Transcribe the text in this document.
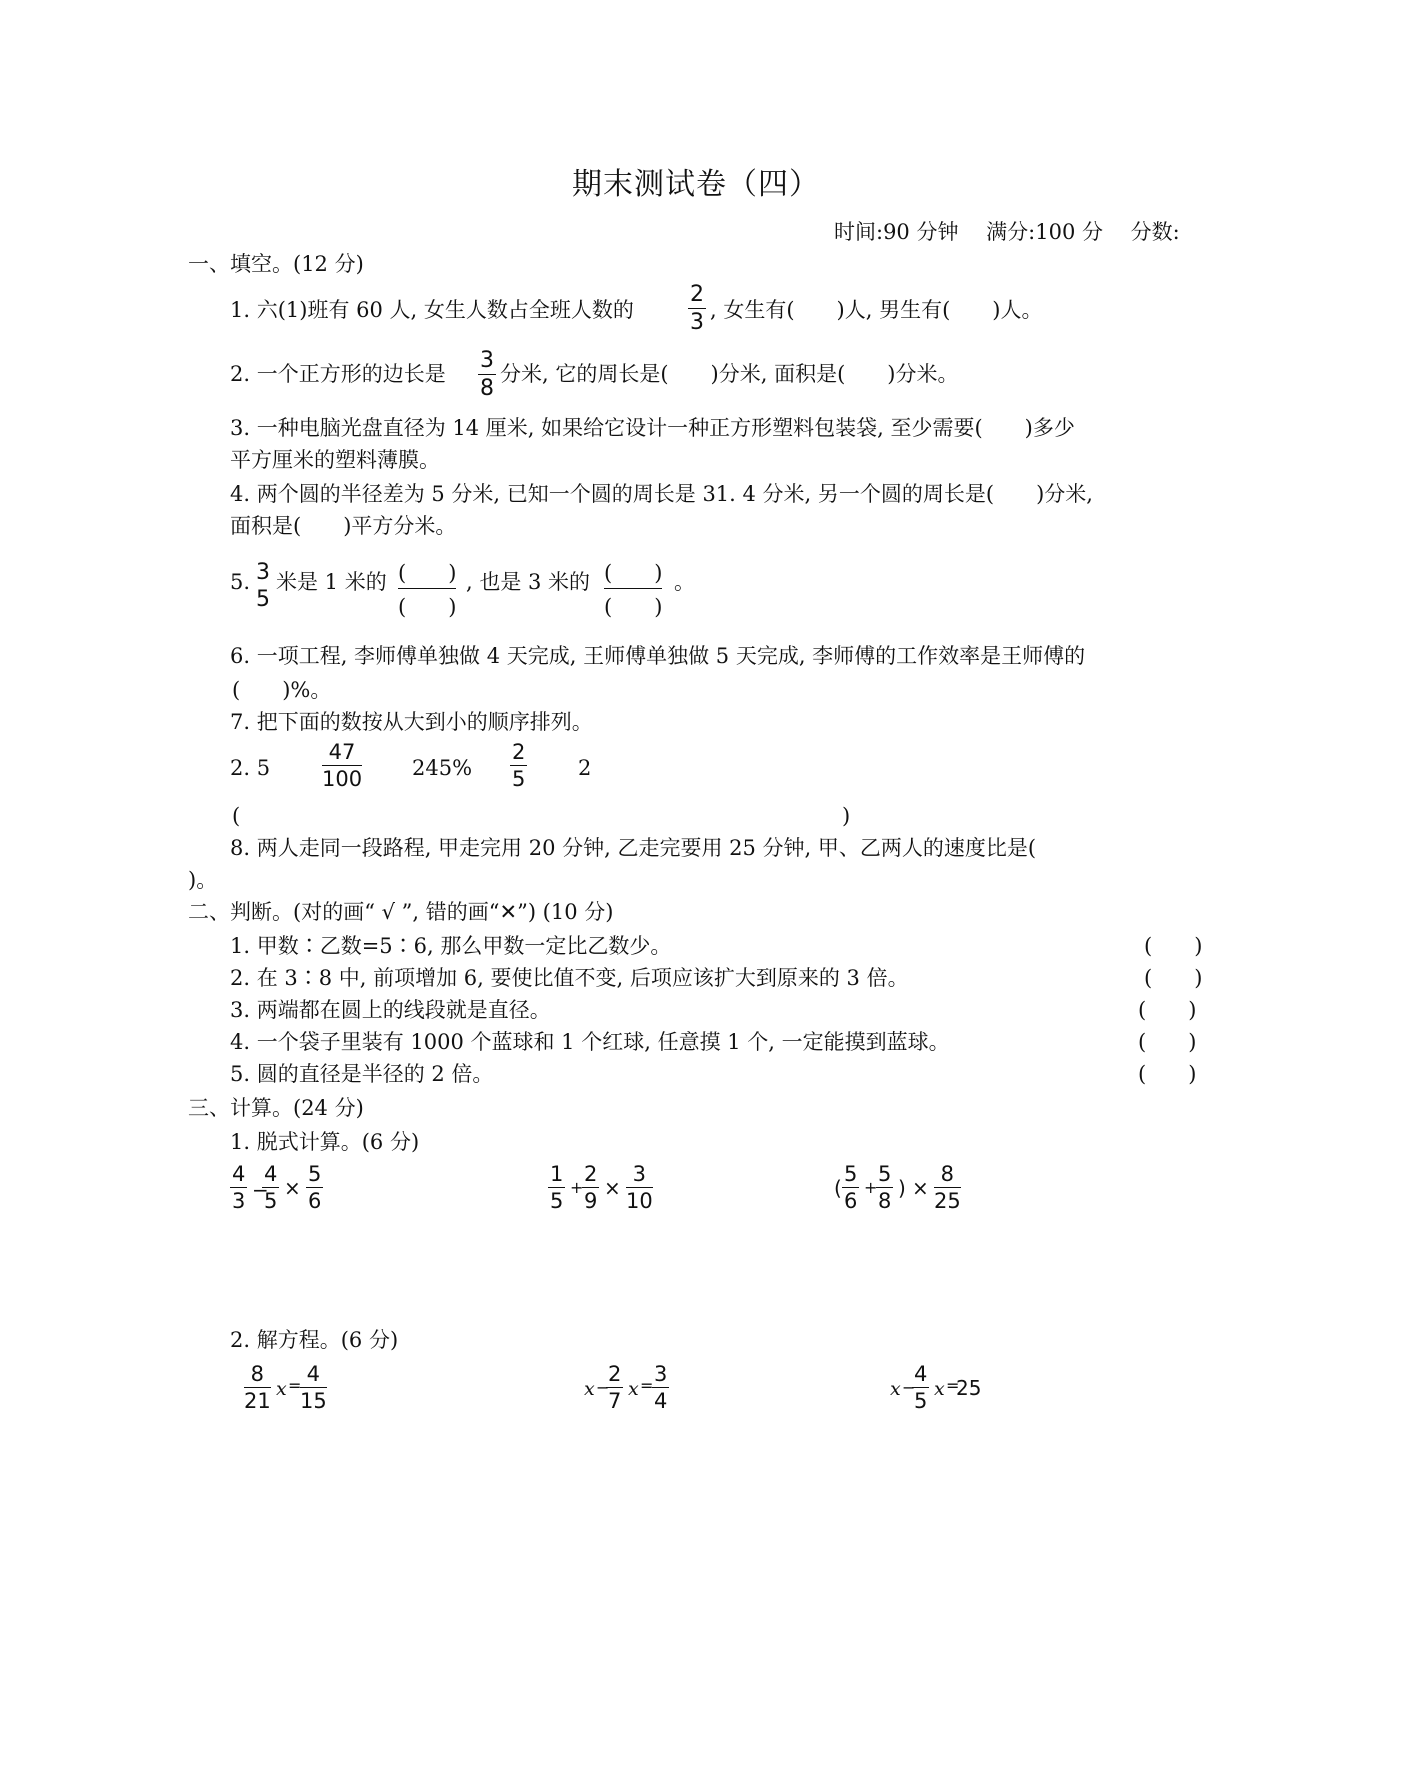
期末测试卷（四）
时间:90 分钟　 满分:100 分　 分数:
一、填空。(12 分)
1. 六(1)班有 60 人, 女生人数占全班人数的 $\frac{2}{3}$ , 女生有(　　)人, 男生有(　　)人。
2. 一个正方形的边长是 $\frac{3}{8}$ 分米, 它的周长是(　　)分米, 面积是(　　)分米。
3. 一种电脑光盘直径为 14 厘米, 如果给它设计一种正方形塑料包装袋, 至少需要(　　)多少
平方厘米的塑料薄膜。
4. 两个圆的半径差为 5 分米, 已知一个圆的周长是 31. 4 分米, 另一个圆的周长是(　　)分米,
面积是(　　)平方分米。
5. 3
5
米是 1 米的 (　　)
(　　)
, 也是 3 米的 (　　)
(　　)
。
6. 一项工程, 李师傅单独做 4 天完成, 王师傅单独做 5 天完成, 李师傅的工作效率是王师傅的
(　　)%。
7. 把下面的数按从大到小的顺序排列。
2. $5 \frac{47}{100} 245\% \frac{2}{5} 2$
(	)
8. 两人走同一段路程, 甲走完用 20 分钟, 乙走完要用 25 分钟, 甲、乙两人的速度比是(
)。
二、判断。(对的画“ √ ”, 错的画“✕”) (10 分)
1. 甲数∶乙数=5∶6, 那么甲数一定比乙数少。	(　　)
2. 在 3∶8 中, 前项增加 6, 要使比值不变, 后项应该扩大到原来的 3 倍。	(　　)
3. 两端都在圆上的线段就是直径。	(　　)
4. 一个袋子里装有 1000 个蓝球和 1 个红球, 任意摸 1 个, 一定能摸到蓝球。	(　　)
5. 圆的直径是半径的 2 倍。	(　　)
三、计算。(24 分)
1. 脱式计算。(6 分)
$\frac{4}{3}$ −
$\frac{4}{5} \times \frac{5}{6}$	$\frac{1}{5}$ +
$\frac{2}{9} \times \frac{3}{10}$	( $\frac{5}{6}$ +
$\frac{5}{8}$ ) × $\frac{8}{25}$
2. 解方程。(6 分)
$\frac{8}{21}$ x =
$\frac{4}{15}$	x −
$\frac{2}{7}$ x =
$\frac{3}{4}$	x −
$\frac{4}{5}$ x =
25
